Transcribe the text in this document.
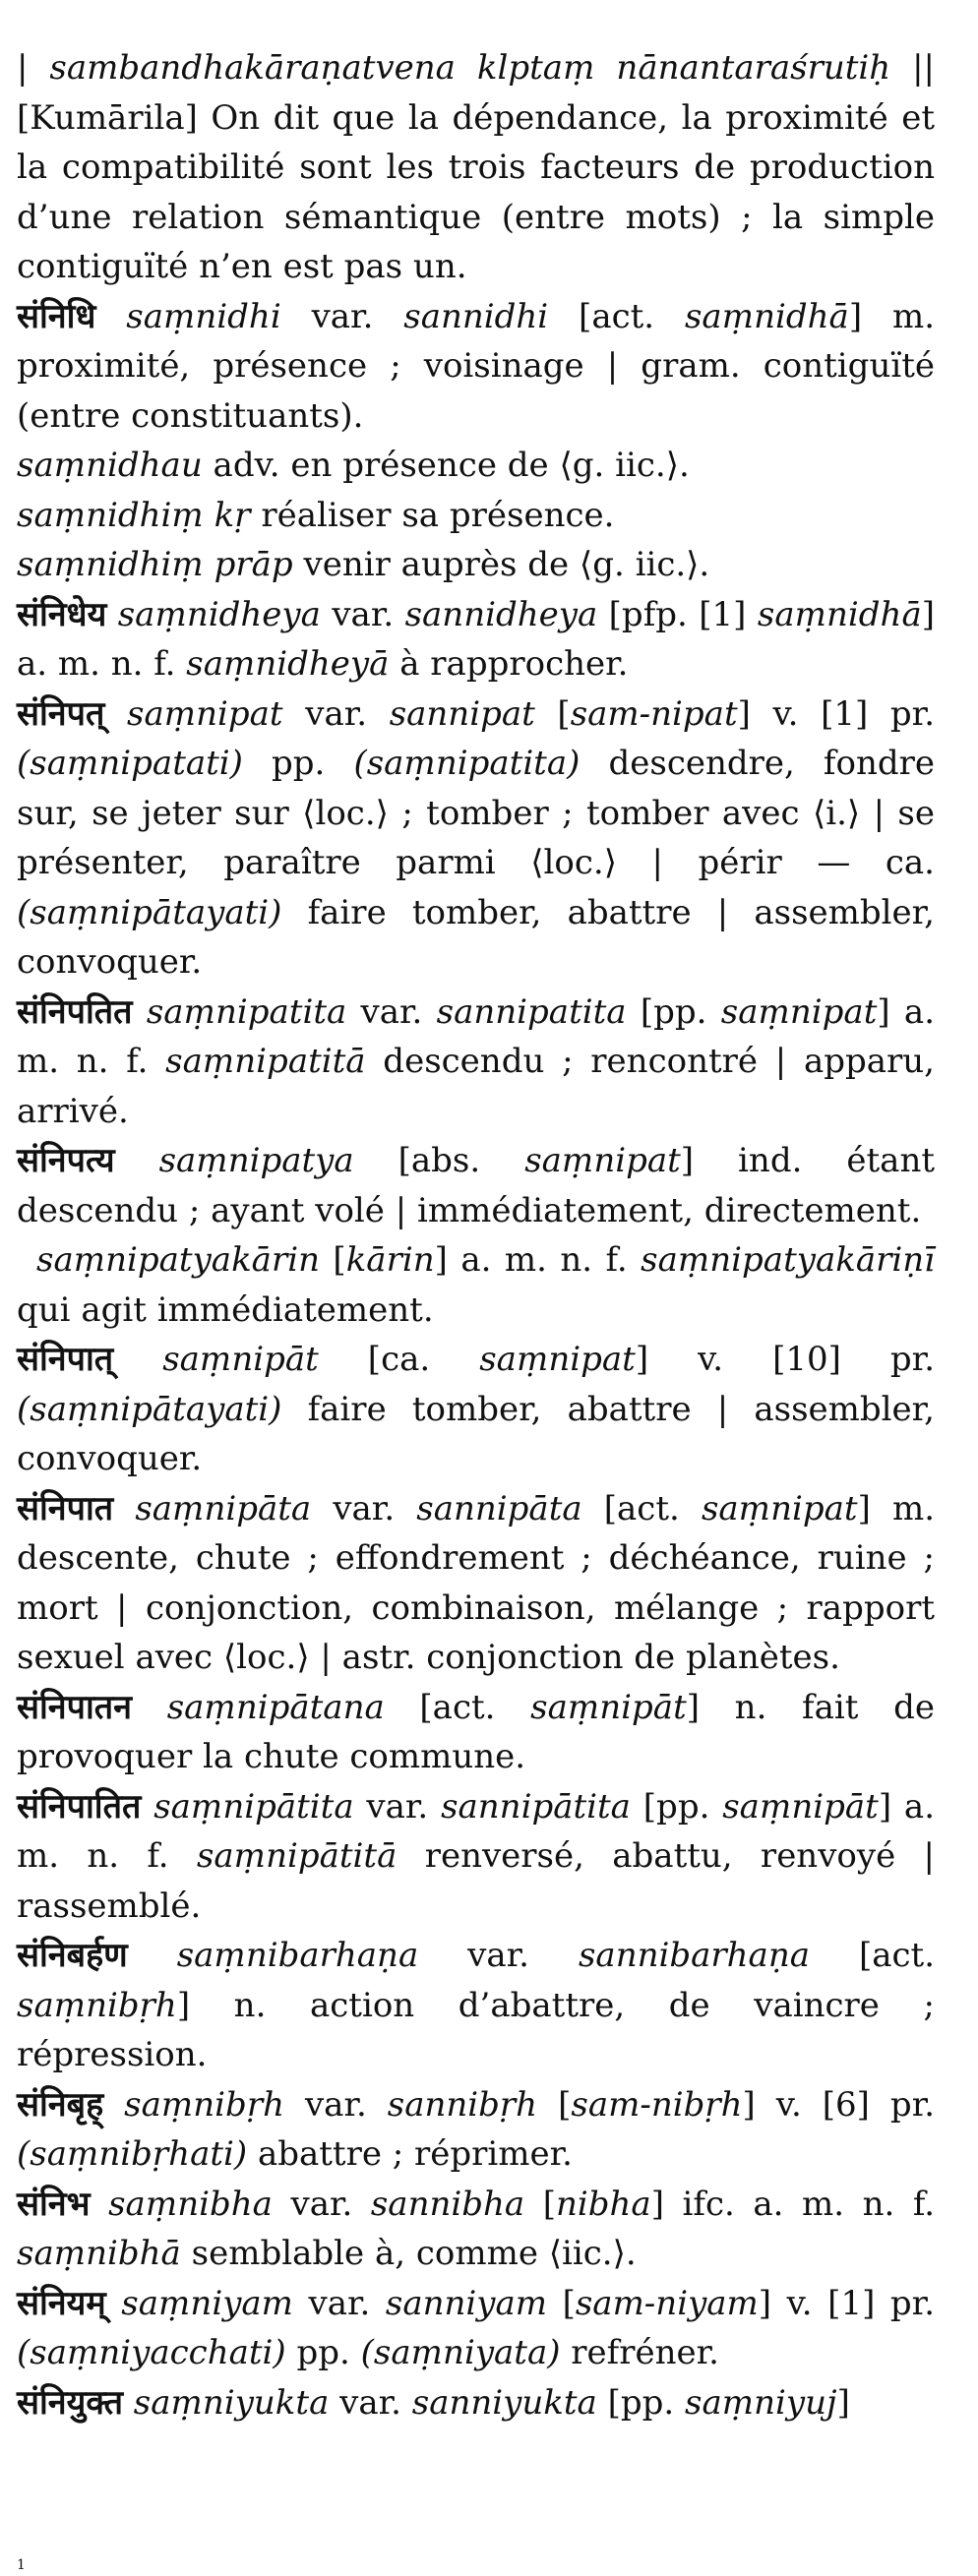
| sambandhakāraṇatvena klptaṃ nānantaraśrutiḥ || [Kumārila] On dit que la dépendance, la proximité et la compatibilité sont les trois facteurs de production d’une relation sémantique (entre mots) ; la simple contiguïté n’en est pas un.

संनिधि saṃnidhi var. sannidhi [act. saṃnidhā] m. proximité, présence ; voisinage | gram. contiguïté (entre constituants).

saṃnidhau adv. en présence de ⟨g. iic.⟩.

saṃnidhiṃ kṛ réaliser sa présence.

saṃnidhiṃ prāp venir auprès de ⟨g. iic.⟩.

संनिधेय saṃnidheya var. sannidheya [pfp. [1] saṃnidhā] a. m. n. f. saṃnidheyā à rapprocher.

संनिपत् saṃnipat var. sannipat [sam-nipat] v. [1] pr. (saṃnipatati) pp. (saṃnipatita) descendre, fondre sur, se jeter sur ⟨loc.⟩ ; tomber ; tomber avec ⟨i.⟩ | se présenter, paraître parmi ⟨loc.⟩ | périr — ca. (saṃnipātayati) faire tomber, abattre | assembler, convoquer.

संनिपतित saṃnipatita var. sannipatita [pp. saṃnipat] a. m. n. f. saṃnipatitā descendu ; rencontré | apparu, arrivé.

संनिपत्य saṃnipatya [abs. saṃnipat] ind. étant descendu ; ayant volé | immédiatement, directement.

saṃnipatyakārin [kārin] a. m. n. f. saṃnipatyakāriṇī qui agit immédiatement.

संनिपात् saṃnipāt [ca. saṃnipat] v. [10] pr. (saṃnipātayati) faire tomber, abattre | assembler, convoquer.

संनिपात saṃnipāta var. sannipāta [act. saṃnipat] m. descente, chute ; effondrement ; déchéance, ruine ; mort | conjonction, combinaison, mélange ; rapport sexuel avec ⟨loc.⟩ | astr. conjonction de planètes.

संनिपातन saṃnipātana [act. saṃnipāt] n. fait de provoquer la chute commune.

संनिपातित saṃnipātita var. sannipātita [pp. saṃnipāt] a. m. n. f. saṃnipātitā renversé, abattu, renvoyé | rassemblé.

संनिबर्हण saṃnibarhaṇa var. sannibarhaṇa [act. saṃnibṛh] n. action d’abattre, de vaincre ; répression.

संनिबृह् saṃnibṛh var. sannibṛh [sam-nibṛh] v. [6] pr. (saṃnibṛhati) abattre ; réprimer.

संनिभ saṃnibha var. sannibha [nibha] ifc. a. m. n. f. saṃnibhā semblable à, comme ⟨iic.⟩.

संनियम् saṃniyam var. sanniyam [sam-niyam] v. [1] pr. (saṃniyacchati) pp. (saṃniyata) refréner.

संनियुक्त saṃniyukta var. sanniyukta [pp. saṃniyuj]

1
